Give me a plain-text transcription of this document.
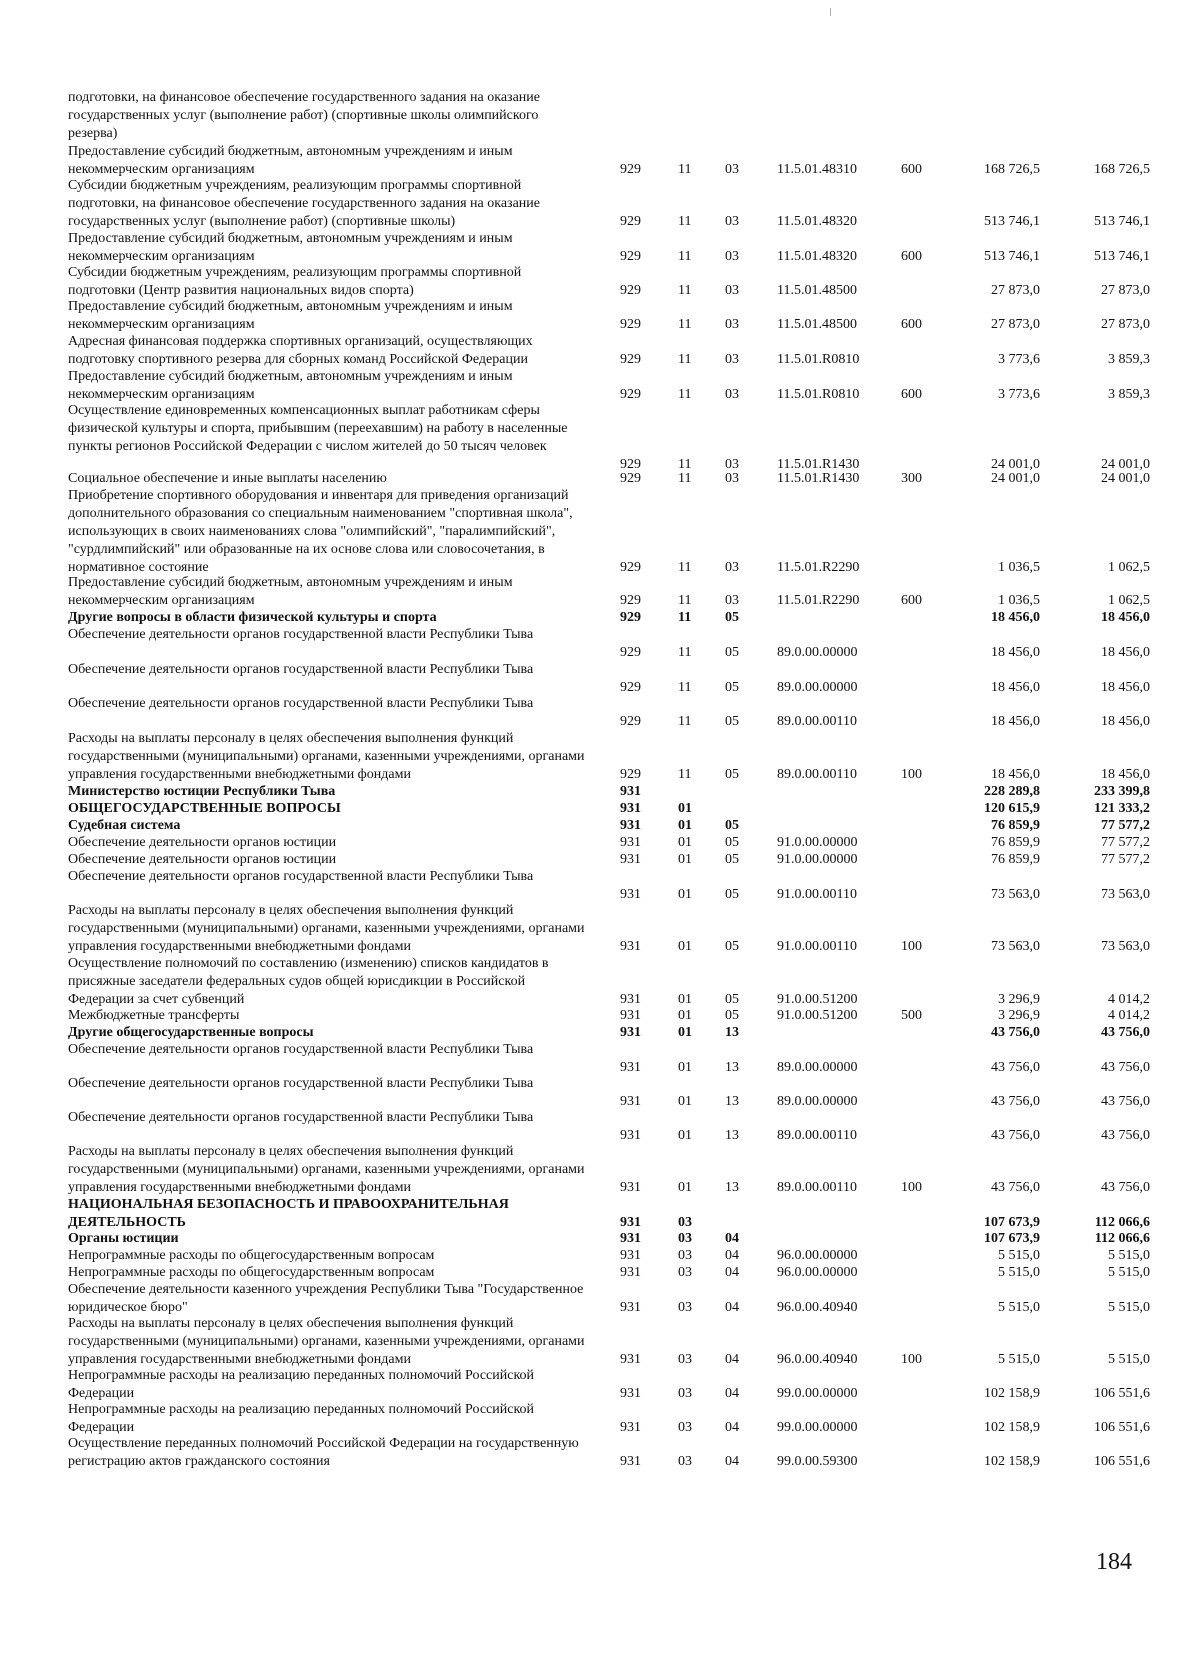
подготовки, на финансовое обеспечение государственного задания на оказание государственных услуг (выполнение работ) (спортивные школы олимпийского резерва)
Предоставление субсидий бюджетным, автономным учреждениям и иным некоммерческим организациям	929	11 03	11.5.01.48310	600	168 726,5	168 726,5
Субсидии бюджетным учреждениям, реализующим программы спортивной подготовки, на финансовое обеспечение государственного задания на оказание государственных услуг (выполнение работ) (спортивные школы)	929	11 03	11.5.01.48320	513 746,1	513 746,1
Предоставление субсидий бюджетным, автономным учреждениям и иным некоммерческим организациям	929	11 03	11.5.01.48320	600	513 746,1	513 746,1
Субсидии бюджетным учреждениям, реализующим программы спортивной подготовки (Центр развития национальных видов спорта)	929	11 03	11.5.01.48500	27 873,0	27 873,0
Предоставление субсидий бюджетным, автономным учреждениям и иным некоммерческим организациям	929	11 03	11.5.01.48500	600	27 873,0	27 873,0
Адресная финансовая поддержка спортивных организаций, осуществляющих подготовку спортивного резерва для сборных команд Российской Федерации	929	11 03	11.5.01.R0810	3 773,6	3 859,3
Предоставление субсидий бюджетным, автономным учреждениям и иным некоммерческим организациям	929	11 03	11.5.01.R0810	600	3 773,6	3 859,3
Осуществление единовременных компенсационных выплат работникам сферы физической культуры и спорта, прибывшим (переехавшим) на работу в населенные пункты регионов Российской Федерации с числом жителей до 50 тысяч человек
929	11 03	11.5.01.R1430	24 001,0	24 001,0
Социальное обеспечение и иные выплаты населению	929	11 03	11.5.01.R1430	300	24 001,0	24 001,0
Приобретение спортивного оборудования и инвентаря для приведения организаций дополнительного образования со специальным наименованием "спортивная школа", использующих в своих наименованиях слова "олимпийский", "паралимпийский", "сурдлимпийский" или образованные на их основе слова или словосочетания, в нормативное состояние	929	11 03	11.5.01.R2290	1 036,5	1 062,5
Предоставление субсидий бюджетным, автономным учреждениям и иным некоммерческим организациям	929	11 03	11.5.01.R2290	600	1 036,5	1 062,5
Другие вопросы в области физической культуры и спорта	929	11 05	18 456,0	18 456,0
Обеспечение деятельности органов государственной власти Республики Тыва
929	11 05	89.0.00.00000	18 456,0	18 456,0
Обеспечение деятельности органов государственной власти Республики Тыва
929	11 05	89.0.00.00000	18 456,0	18 456,0
Обеспечение деятельности органов государственной власти Республики Тыва
929	11 05	89.0.00.00110	18 456,0	18 456,0
Расходы на выплаты персоналу в целях обеспечения выполнения функций государственными (муниципальными) органами, казенными учреждениями, органами управления государственными внебюджетными фондами	929	11 05	89.0.00.00110	100	18 456,0	18 456,0
Министерство юстиции Республики Тыва	931	228 289,8	233 399,8
ОБЩЕГОСУДАРСТВЕННЫЕ ВОПРОСЫ	931	01	120 615,9	121 333,2
Судебная система	931	01 05	76 859,9	77 577,2
Обеспечение деятельности органов юстиции	931	01 05	91.0.00.00000	76 859,9	77 577,2
Обеспечение деятельности органов юстиции	931	01 05	91.0.00.00000	76 859,9	77 577,2
Обеспечение деятельности органов государственной власти Республики Тыва
931	01 05	91.0.00.00110	73 563,0	73 563,0
Расходы на выплаты персоналу в целях обеспечения выполнения функций государственными (муниципальными) органами, казенными учреждениями, органами управления государственными внебюджетными фондами	931	01 05	91.0.00.00110	100	73 563,0	73 563,0
Осуществление полномочий по составлению (изменению) списков кандидатов в присяжные заседатели федеральных судов общей юрисдикции в Российской Федерации за счет субвенций	931	01 05	91.0.00.51200	3 296,9	4 014,2
Межбюджетные трансферты	931	01 05	91.0.00.51200	500	3 296,9	4 014,2
Другие общегосударственные вопросы	931	01 13	43 756,0	43 756,0
Обеспечение деятельности органов государственной власти Республики Тыва
931	01 13	89.0.00.00000	43 756,0	43 756,0
Обеспечение деятельности органов государственной власти Республики Тыва
931	01 13	89.0.00.00000	43 756,0	43 756,0
Обеспечение деятельности органов государственной власти Республики Тыва
931	01 13	89.0.00.00110	43 756,0	43 756,0
Расходы на выплаты персоналу в целях обеспечения выполнения функций государственными (муниципальными) органами, казенными учреждениями, органами управления государственными внебюджетными фондами	931	01 13	89.0.00.00110	100	43 756,0	43 756,0
НАЦИОНАЛЬНАЯ БЕЗОПАСНОСТЬ И ПРАВООХРАНИТЕЛЬНАЯ ДЕЯТЕЛЬНОСТЬ	931	03	107 673,9	112 066,6
Органы юстиции	931	03 04	107 673,9	112 066,6
Непрограммные расходы по общегосударственным вопросам	931	03 04	96.0.00.00000	5 515,0	5 515,0
Непрограммные расходы по общегосударственным вопросам	931	03 04	96.0.00.00000	5 515,0	5 515,0
Обеспечение деятельности казенного учреждения Республики Тыва "Государственное юридическое бюро"	931	03 04	96.0.00.40940	5 515,0	5 515,0
Расходы на выплаты персоналу в целях обеспечения выполнения функций государственными (муниципальными) органами, казенными учреждениями, органами управления государственными внебюджетными фондами	931	03 04	96.0.00.40940	100	5 515,0	5 515,0
Непрограммные расходы на реализацию переданных полномочий Российской Федерации	931	03 04	99.0.00.00000	102 158,9	106 551,6
Непрограммные расходы на реализацию переданных полномочий Российской Федерации	931	03 04	99.0.00.00000	102 158,9	106 551,6
Осуществление переданных полномочий Российской Федерации на государственную регистрацию актов гражданского состояния	931	03 04	99.0.00.59300	102 158,9	106 551,6
184
